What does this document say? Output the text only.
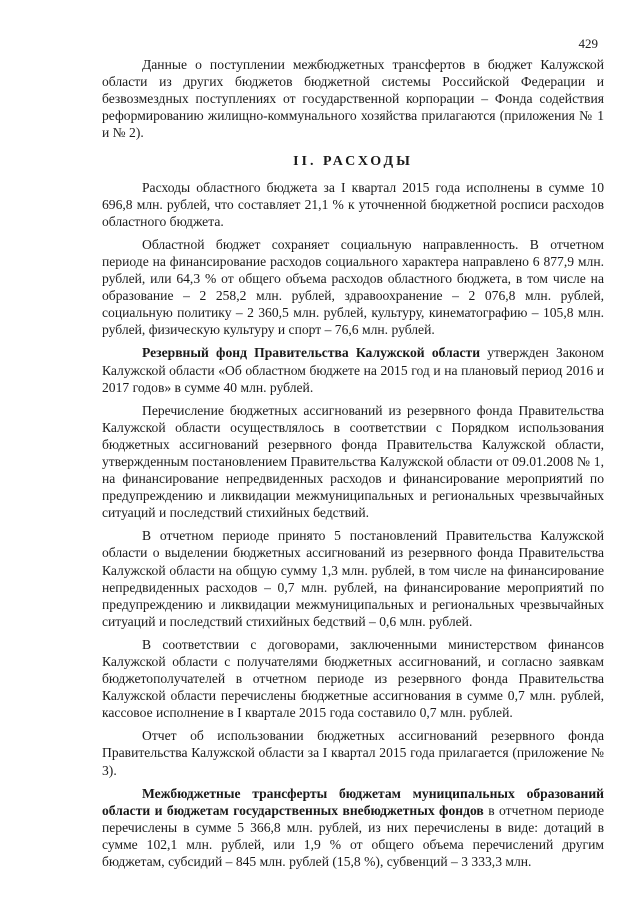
429

Данные о поступлении межбюджетных трансфертов в бюджет Калужской области из других бюджетов бюджетной системы Российской Федерации и безвозмездных поступлениях от государственной корпорации – Фонда содействия реформированию жилищно-коммунального хозяйства прилагаются (приложения № 1 и № 2).

II. РАСХОДЫ

Расходы областного бюджета за I квартал 2015 года исполнены в сумме 10 696,8 млн. рублей, что составляет 21,1 % к уточненной бюджетной росписи расходов областного бюджета.

Областной бюджет сохраняет социальную направленность. В отчетном периоде на финансирование расходов социального характера направлено 6 877,9 млн. рублей, или 64,3 % от общего объема расходов областного бюджета, в том числе на образование – 2 258,2 млн. рублей, здравоохранение – 2 076,8 млн. рублей, социальную политику – 2 360,5 млн. рублей, культуру, кинематографию – 105,8 млн. рублей, физическую культуру и спорт – 76,6 млн. рублей.

Резервный фонд Правительства Калужской области утвержден Законом Калужской области «Об областном бюджете на 2015 год и на плановый период 2016 и 2017 годов» в сумме 40 млн. рублей.

Перечисление бюджетных ассигнований из резервного фонда Правительства Калужской области осуществлялось в соответствии с Порядком использования бюджетных ассигнований резервного фонда Правительства Калужской области, утвержденным постановлением Правительства Калужской области от 09.01.2008 № 1, на финансирование непредвиденных расходов и финансирование мероприятий по предупреждению и ликвидации межмуниципальных и региональных чрезвычайных ситуаций и последствий стихийных бедствий.

В отчетном периоде принято 5 постановлений Правительства Калужской области о выделении бюджетных ассигнований из резервного фонда Правительства Калужской области на общую сумму 1,3 млн. рублей, в том числе на финансирование непредвиденных расходов – 0,7 млн. рублей, на финансирование мероприятий по предупреждению и ликвидации межмуниципальных и региональных чрезвычайных ситуаций и последствий стихийных бедствий – 0,6 млн. рублей.

В соответствии с договорами, заключенными министерством финансов Калужской области с получателями бюджетных ассигнований, и согласно заявкам бюджетополучателей в отчетном периоде из резервного фонда Правительства Калужской области перечислены бюджетные ассигнования в сумме 0,7 млн. рублей, кассовое исполнение в I квартале 2015 года составило 0,7 млн. рублей.

Отчет об использовании бюджетных ассигнований резервного фонда Правительства Калужской области за I квартал 2015 года прилагается (приложение № 3).

Межбюджетные трансферты бюджетам муниципальных образований области и бюджетам государственных внебюджетных фондов в отчетном периоде перечислены в сумме 5 366,8 млн. рублей, из них перечислены в виде: дотаций в сумме 102,1 млн. рублей, или 1,9 % от общего объема перечислений другим бюджетам, субсидий – 845 млн. рублей (15,8 %), субвенций – 3 333,3 млн.
